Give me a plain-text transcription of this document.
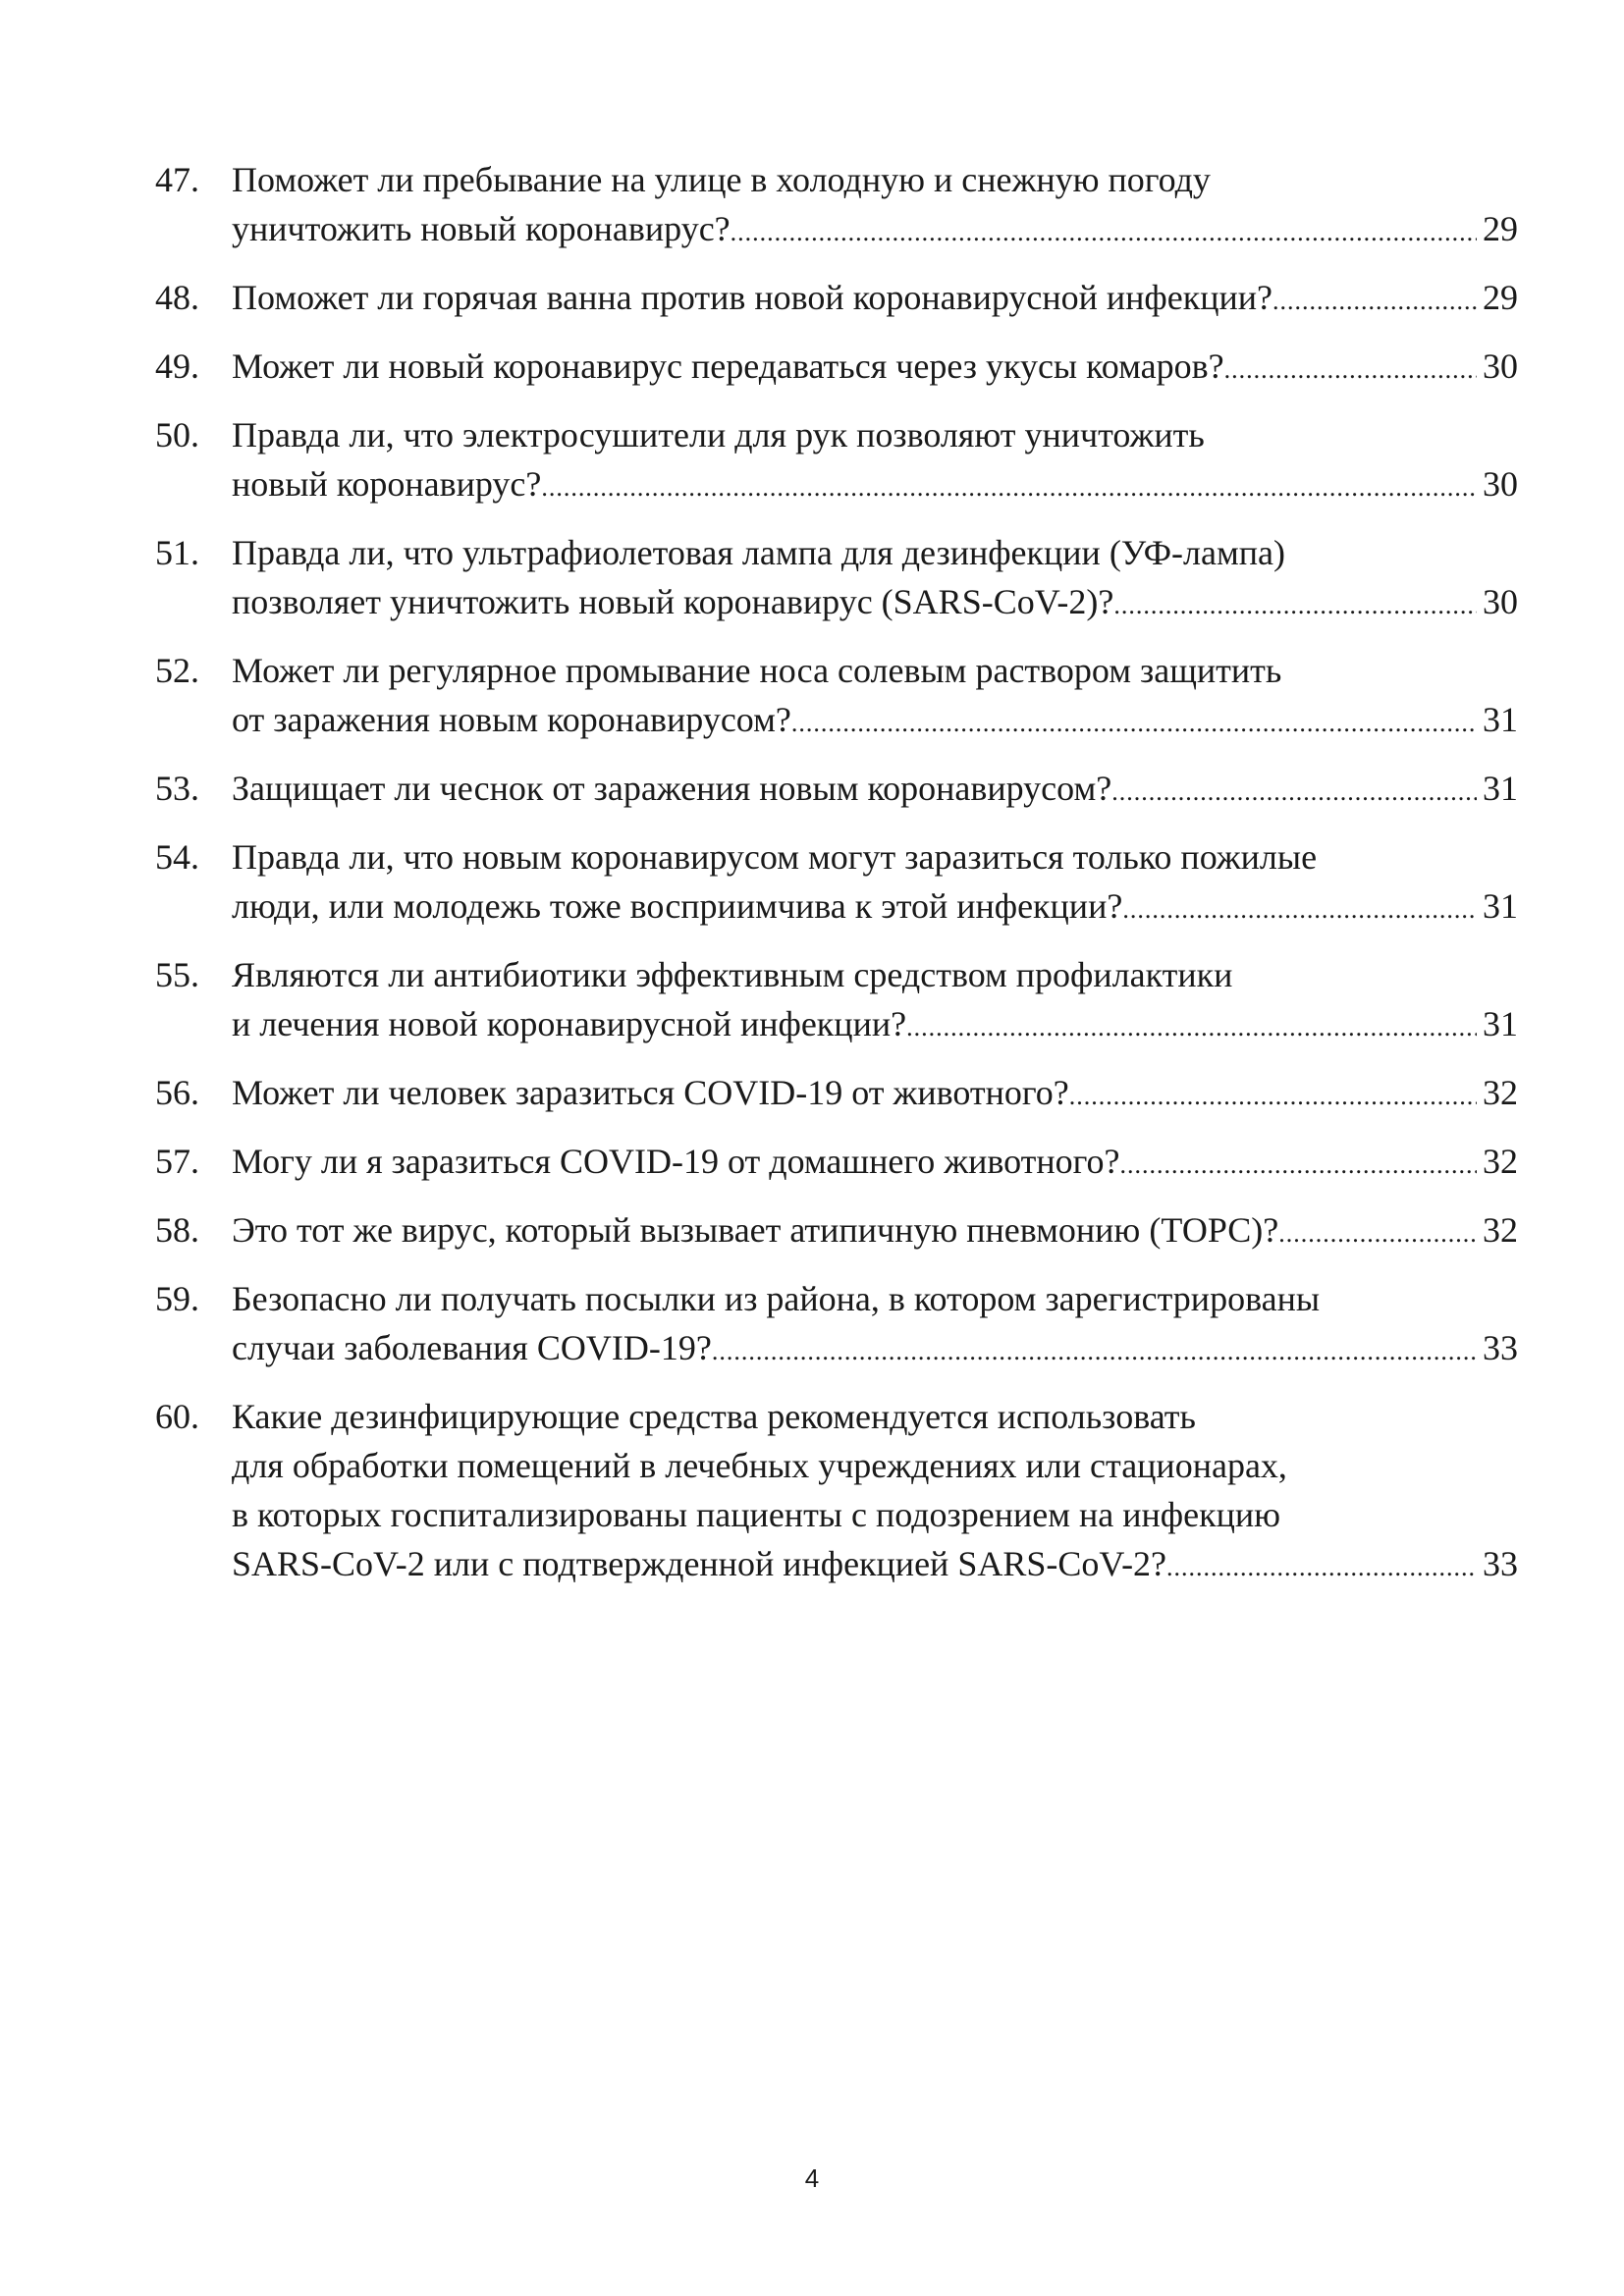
47. Поможет ли пребывание на улице в холодную и снежную погоду
уничтожить новый коронавирус? .....	29
48. Поможет ли горячая ванна против новой коронавирусной инфекции? .....	29
49. Может ли новый коронавирус передаваться через укусы комаров? .....	30
50. Правда ли, что электросушители для рук позволяют уничтожить
новый коронавирус? .....	30
51. Правда ли, что ультрафиолетовая лампа для дезинфекции (УФ-лампа)
позволяет уничтожить новый коронавирус (SARS-CoV-2)? .....	30
52. Может ли регулярное промывание носа солевым раствором защитить
от заражения новым коронавирусом? .....	31
53. Защищает ли чеснок от заражения новым коронавирусом? .....	31
54. Правда ли, что новым коронавирусом могут заразиться только пожилые
люди, или молодежь тоже восприимчива к этой инфекции? .....	31
55. Являются ли антибиотики эффективным средством профилактики
и лечения новой коронавирусной инфекции? .....	31
56. Может ли человек заразиться COVID-19 от животного? .....	32
57. Могу ли я заразиться COVID-19 от домашнего животного? .....	32
58. Это тот же вирус, который вызывает атипичную пневмонию (ТОРС)? .....	32
59. Безопасно ли получать посылки из района, в котором зарегистрированы
случаи заболевания COVID-19? .....	33
60. Какие дезинфицирующие средства рекомендуется использовать
для обработки помещений в лечебных учреждениях или стационарах,
в которых госпитализированы пациенты с подозрением на инфекцию
SARS-CoV-2 или с подтвержденной инфекцией SARS-CoV-2? .....	33
4
